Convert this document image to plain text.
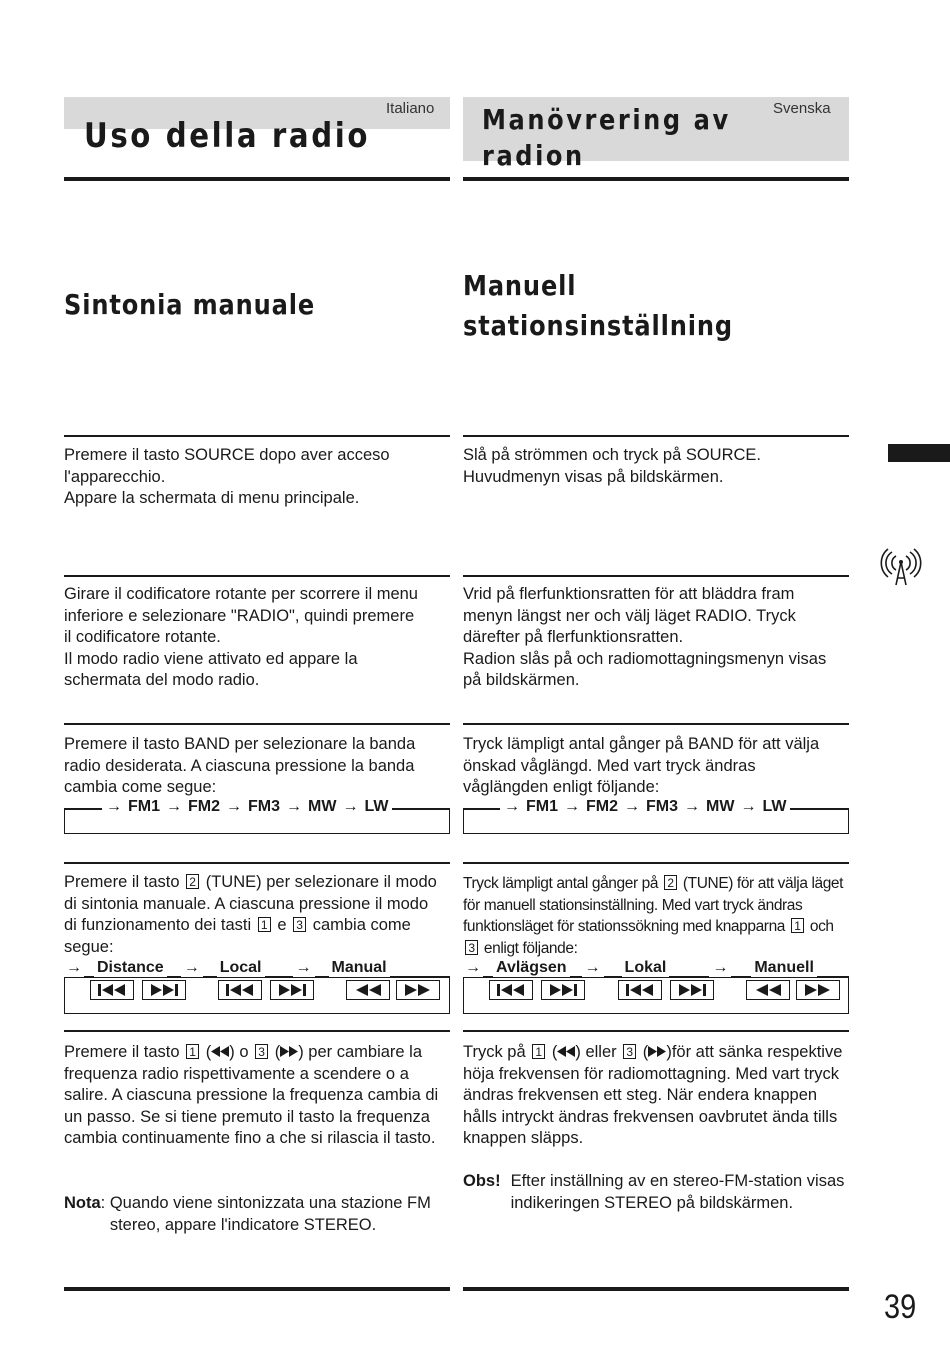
Italiano
Uso della radio
Svenska
Manövrering av
radion
Sintonia manuale
Manuell
stationsinställning

Premere il tasto SOURCE dopo aver acceso l'apparecchio.

Appare la schermata di menu principale.

Slå på strömmen och tryck på SOURCE.

Huvudmenyn visas på bildskärmen.

Girare il codificatore rotante per scorrere il menu inferiore e selezionare "RADIO", quindi premere il codificatore rotante.

Il modo radio viene attivato ed appare la schermata del modo radio.

Vrid på flerfunktionsratten för att bläddra fram menyn längst ner och välj läget RADIO. Tryck därefter på flerfunktionsratten.

Radion slås på och radiomottagningsmenyn visas på bildskärmen.

Premere il tasto BAND per selezionare la banda radio desiderata. A ciascuna pressione la banda cambia come segue:
Tryck lämpligt antal gånger på BAND för att välja önskad våglängd. Med vart tryck ändras våglängden enligt följande:
→ FM1 → FM2 → FM3 → MW → LW	→ FM1 → FM2 → FM3 → MW → LW
Premere il tasto 2 (TUNE) per selezionare il modo di sintonia manuale. A ciascuna pressione il modo di funzionamento dei tasti 1 e 3 cambia come segue:
Tryck lämpligt antal gånger på 2 (TUNE) för att välja läget för manuell stationsinställning. Med vart tryck ändras funktionsläget för stationssökning med knapparna 1 och 3 enligt följande:
→ Distance → Local → Manual	→ Avlägsen → Lokal	→ Manuell
Premere il tasto 1 ( ) o 3 ( ) per cambiare la frequenza radio rispettivamente a scendere o a salire. A ciascuna pressione la frequenza cambia di un passo. Se si tiene premuto il tasto la frequenza cambia continuamente fino a che si rilascia il tasto.
Tryck på 1 ( ) eller 3 ( )för att sänka respektive höja frekvensen för radiomottagning. Med vart tryck ändras frekvensen ett steg. När endera knappen hålls intryckt ändras frekvensen oavbrutet ända tills knappen släpps.
Nota: Quando viene sintonizzata una stazione FM stereo, appare l'indicatore STEREO.
Obs! Efter inställning av en stereo-FM-station visas indikeringen STEREO på bildskärmen.
39
